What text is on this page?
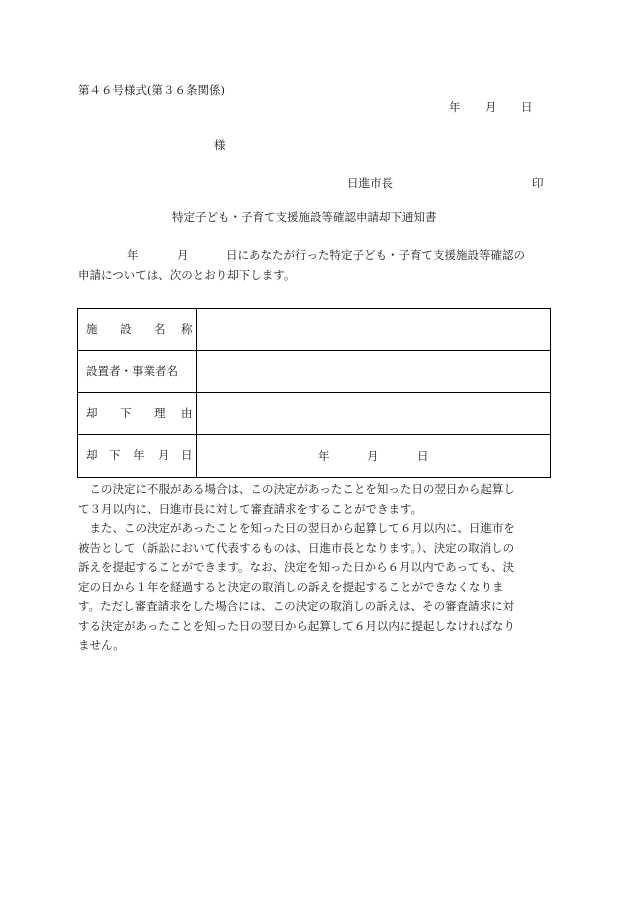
第４６号様式(第３６条関係)
年 月 日
様
日進市長	印
特定子ども・子育て支援施設等確認申請却下通知書
年	月	日にあなたが行った特定子ども・子育て支援施設等確認の
申請については、次のとおり却下します。
施 設 名 称
設置者・事業者名
却 下 理 由
却 下 年 月 日	年	月	日
　この決定に不服がある場合は、この決定があったことを知った日の翌日から起算し
て３月以内に、日進市長に対して審査請求をすることができます。
　また、この決定があったことを知った日の翌日から起算して６月以内に、日進市を
被告として（訴訟において代表するものは、日進市長となります。）、決定の取消しの
訴えを提起することができます。なお、決定を知った日から６月以内であっても、決
定の日から１年を経過すると決定の取消しの訴えを提起することができなくなりま
す。ただし審査請求をした場合には、この決定の取消しの訴えは、その審査請求に対
する決定があったことを知った日の翌日から起算して６月以内に提起しなければなり
ません。
